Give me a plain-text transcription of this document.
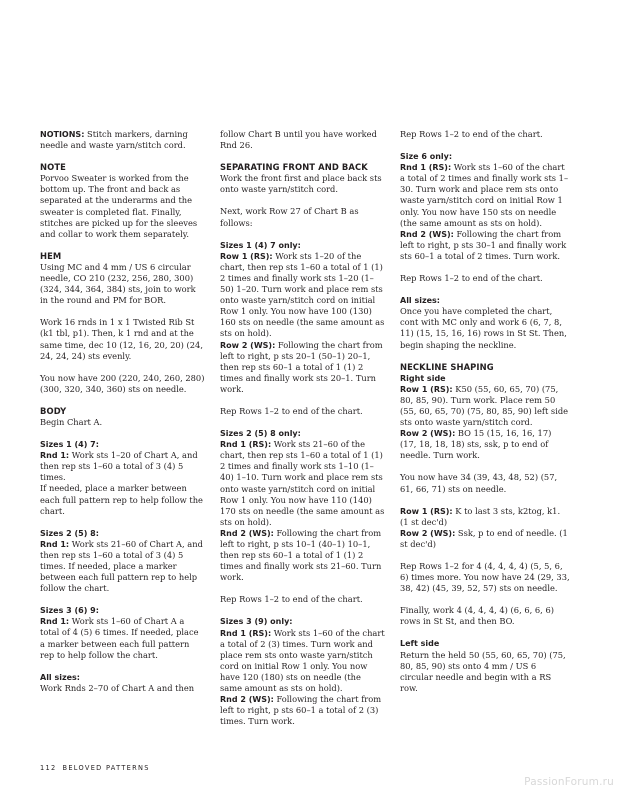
NOTIONS: Stitch markers, darning needle and waste yarn/stitch cord.

NOTE

Porvoo Sweater is worked from the bottom up. The front and back as separated at the underarms and the sweater is completed flat. Finally, stitches are picked up for the sleeves and collar to work them separately.

HEM

Using MC and 4 mm / US 6 circular needle, CO 210 (232, 256, 280, 300) (324, 344, 364, 384) sts, join to work in the round and PM for BOR.

Work 16 rnds in 1 x 1 Twisted Rib St (k1 tbl, p1). Then, k 1 rnd and at the same time, dec 10 (12, 16, 20, 20) (24, 24, 24, 24) sts evenly.

You now have 200 (220, 240, 260, 280) (300, 320, 340, 360) sts on needle.

BODY

Begin Chart A.

Sizes 1 (4) 7:

Rnd 1: Work sts 1–20 of Chart A, and then rep sts 1–60 a total of 3 (4) 5 times.
If needed, place a marker between each full pattern rep to help follow the chart.

Sizes 2 (5) 8:

Rnd 1: Work sts 21–60 of Chart A, and then rep sts 1–60 a total of 3 (4) 5 times. If needed, place a marker between each full pattern rep to help follow the chart.

Sizes 3 (6) 9:

Rnd 1: Work sts 1–60 of Chart A a total of 4 (5) 6 times. If needed, place a marker between each full pattern rep to help follow the chart.

All sizes:

Work Rnds 2–70 of Chart A and then

follow Chart B until you have worked Rnd 26.

SEPARATING FRONT AND BACK

Work the front first and place back sts onto waste yarn/stitch cord.

Next, work Row 27 of Chart B as follows:

Sizes 1 (4) 7 only:

Row 1 (RS): Work sts 1–20 of the chart, then rep sts 1–60 a total of 1 (1) 2 times and finally work sts 1–20 (1–50) 1–20. Turn work and place rem sts onto waste yarn/stitch cord on initial Row 1 only. You now have 100 (130) 160 sts on needle (the same amount as sts on hold).

Row 2 (WS): Following the chart from left to right, p sts 20–1 (50–1) 20–1, then rep sts 60–1 a total of 1 (1) 2 times and finally work sts 20–1. Turn work.

Rep Rows 1–2 to end of the chart.

Sizes 2 (5) 8 only:

Rnd 1 (RS): Work sts 21–60 of the chart, then rep sts 1–60 a total of 1 (1) 2 times and finally work sts 1–10 (1–40) 1–10. Turn work and place rem sts onto waste yarn/stitch cord on initial Row 1 only. You now have 110 (140) 170 sts on needle (the same amount as sts on hold).

Rnd 2 (WS): Following the chart from left to right, p sts 10–1 (40–1) 10–1, then rep sts 60–1 a total of 1 (1) 2 times and finally work sts 21–60. Turn work.

Rep Rows 1–2 to end of the chart.

Sizes 3 (9) only:

Rnd 1 (RS): Work sts 1–60 of the chart a total of 2 (3) times. Turn work and place rem sts onto waste yarn/stitch cord on initial Row 1 only. You now have 120 (180) sts on needle (the same amount as sts on hold).

Rnd 2 (WS): Following the chart from left to right, p sts 60–1 a total of 2 (3) times. Turn work.

Rep Rows 1–2 to end of the chart.

Size 6 only:

Rnd 1 (RS): Work sts 1–60 of the chart a total of 2 times and finally work sts 1–30. Turn work and place rem sts onto waste yarn/stitch cord on initial Row 1 only. You now have 150 sts on needle (the same amount as sts on hold).

Rnd 2 (WS): Following the chart from left to right, p sts 30–1 and finally work sts 60–1 a total of 2 times. Turn work.

Rep Rows 1–2 to end of the chart.

All sizes:

Once you have completed the chart, cont with MC only and work 6 (6, 7, 8, 11) (15, 15, 16, 16) rows in St St. Then, begin shaping the neckline.

NECKLINE SHAPING

Right side

Row 1 (RS): K50 (55, 60, 65, 70) (75, 80, 85, 90). Turn work. Place rem 50 (55, 60, 65, 70) (75, 80, 85, 90) left side sts onto waste yarn/stitch cord.

Row 2 (WS): BO 15 (15, 16, 16, 17) (17, 18, 18, 18) sts, ssk, p to end of needle. Turn work.

You now have 34 (39, 43, 48, 52) (57, 61, 66, 71) sts on needle.

Row 1 (RS): K to last 3 sts, k2tog, k1. (1 st dec'd)

Row 2 (WS): Ssk, p to end of needle. (1 st dec'd)

Rep Rows 1–2 for 4 (4, 4, 4, 4) (5, 5, 6, 6) times more. You now have 24 (29, 33, 38, 42) (45, 39, 52, 57) sts on needle.

Finally, work 4 (4, 4, 4, 4) (6, 6, 6, 6) rows in St St, and then BO.

Left side

Return the held 50 (55, 60, 65, 70) (75, 80, 85, 90) sts onto 4 mm / US 6 circular needle and begin with a RS row.

112 BELOVED PATTERNS
PassionForum.ru
